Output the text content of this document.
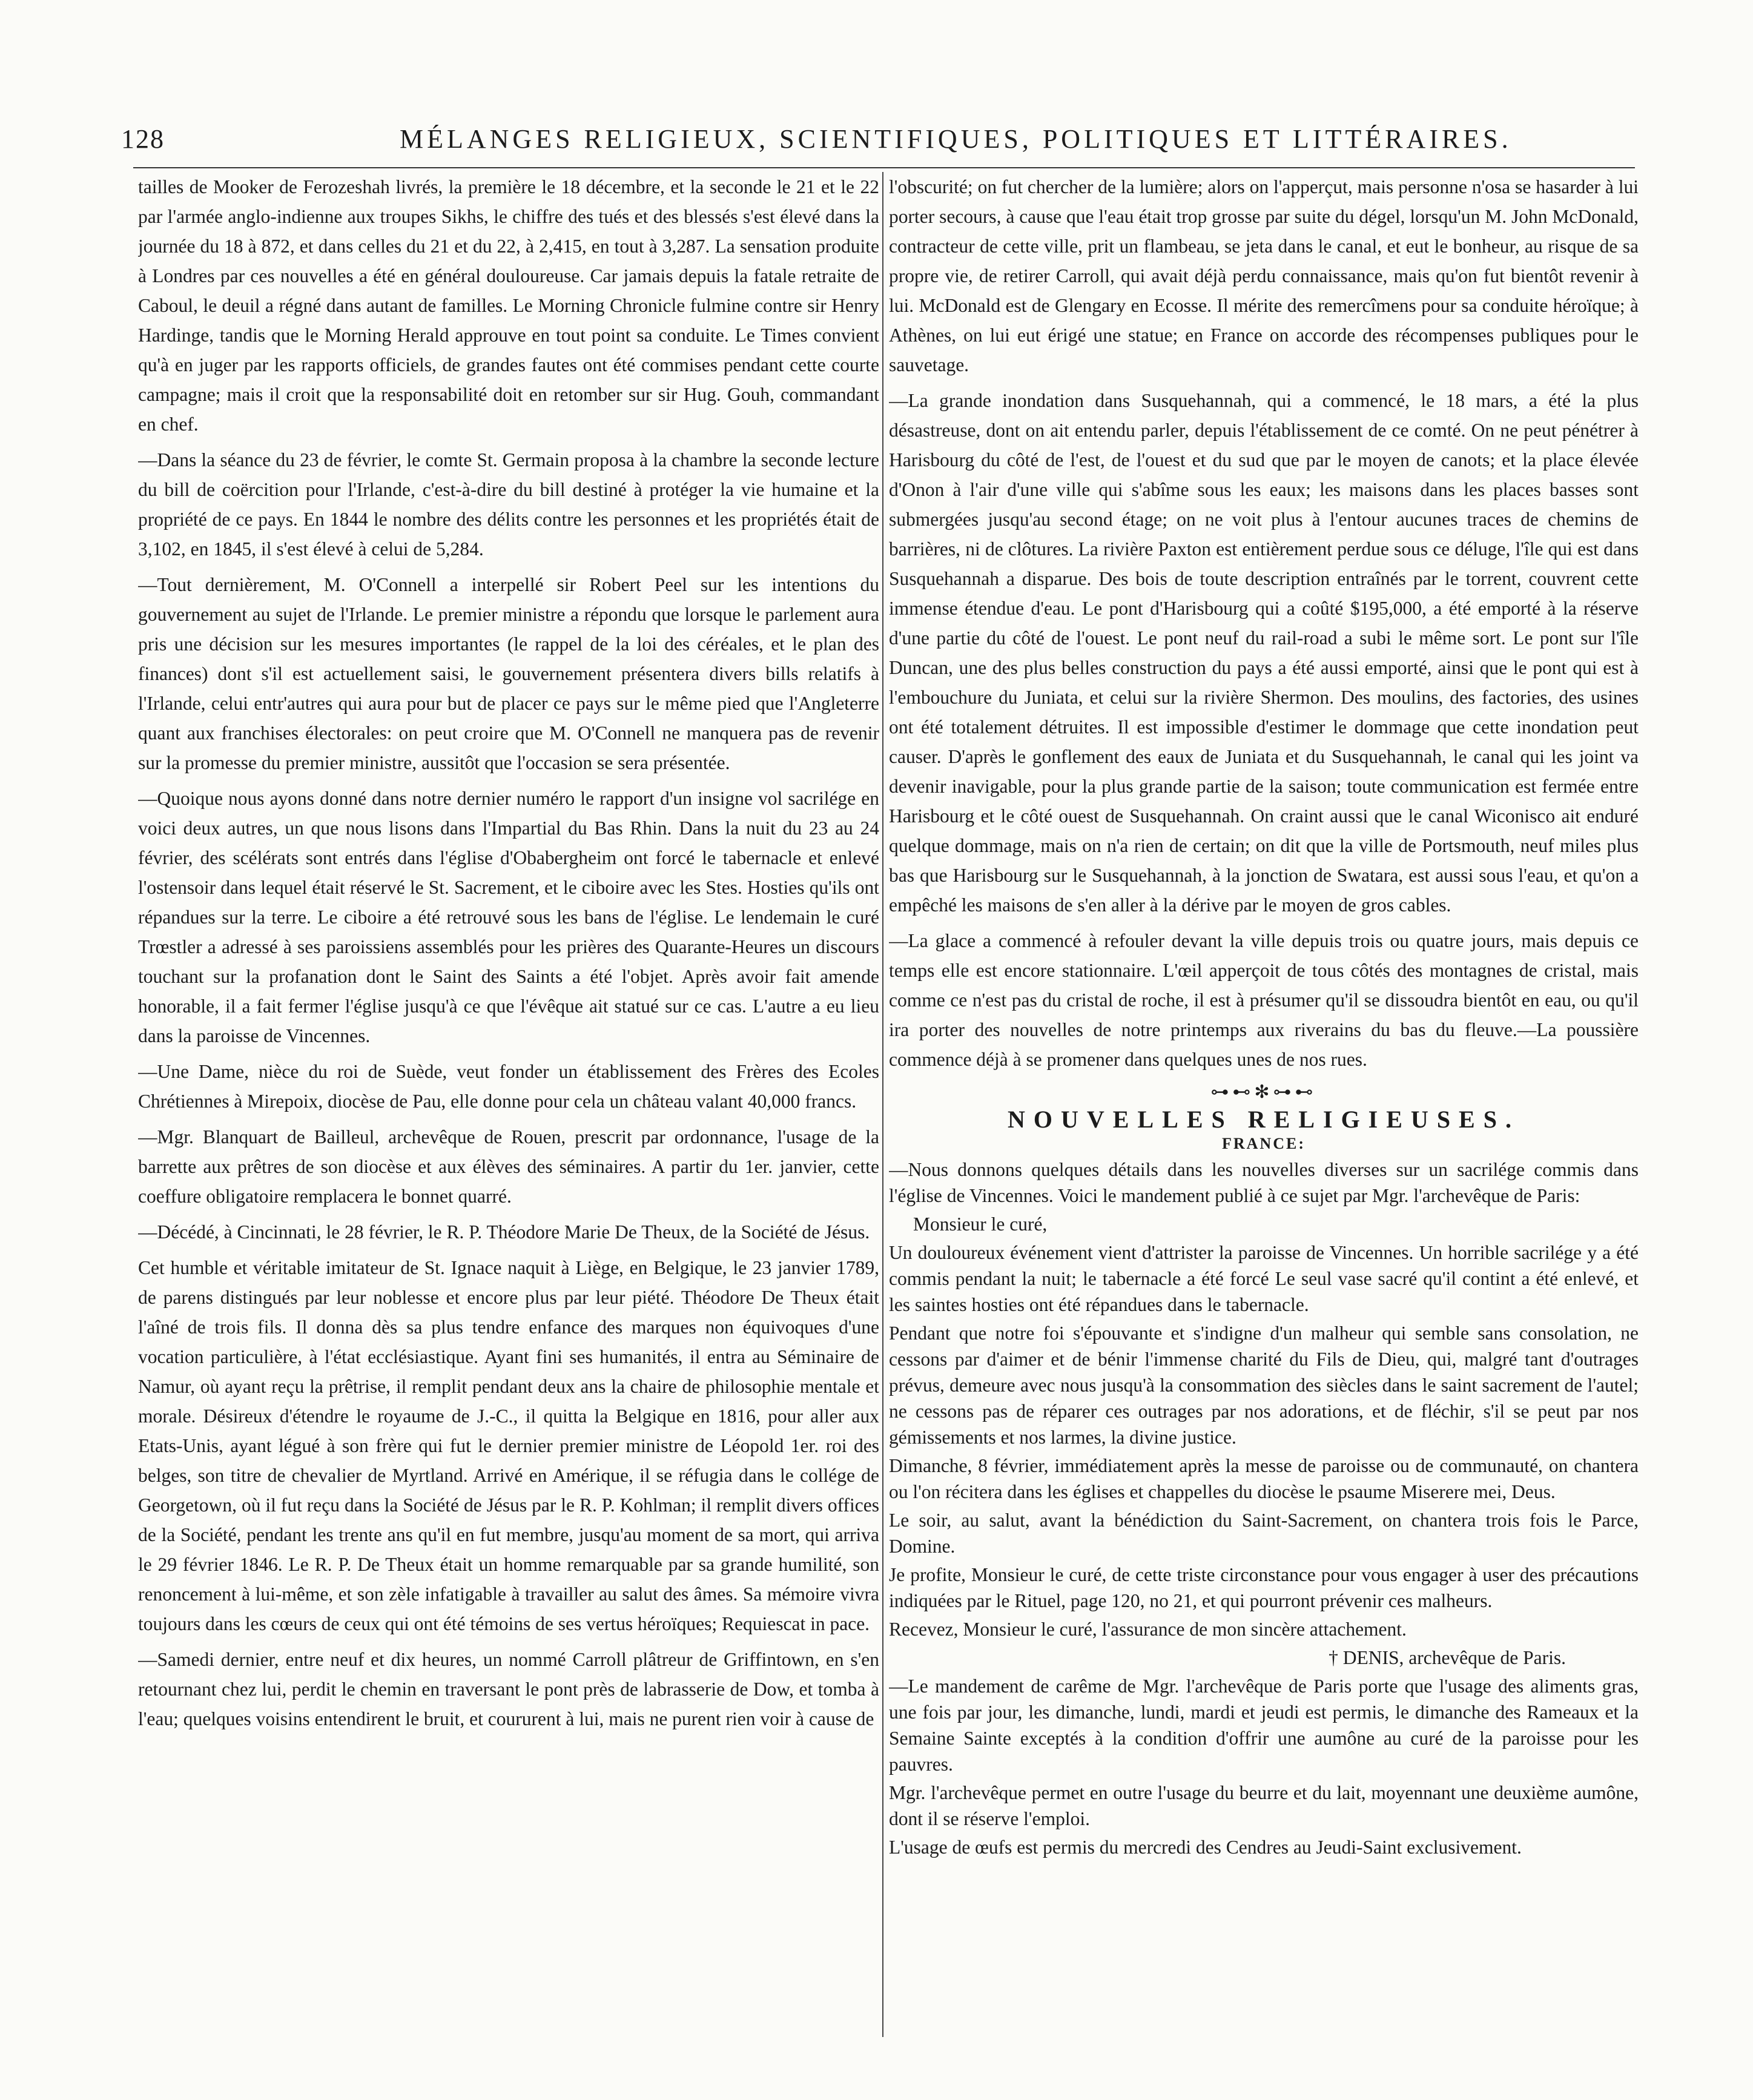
128	MÉLANGES RELIGIEUX, SCIENTIFIQUES, POLITIQUES ET LITTÉRAIRES.

tailles de Mooker de Ferozeshah livrés, la première le 18 décembre, et la seconde le 21 et le 22 par l'armée anglo-indienne aux troupes Sikhs, le chiffre des tués et des blessés s'est élevé dans la journée du 18 à 872, et dans celles du 21 et du 22, à 2,415, en tout à 3,287. La sensation produite à Londres par ces nouvelles a été en général douloureuse. Car jamais depuis la fatale retraite de Caboul, le deuil a régné dans autant de familles. Le Morning Chronicle fulmine contre sir Henry Hardinge, tandis que le Morning Herald approuve en tout point sa conduite. Le Times convient qu'à en juger par les rapports officiels, de grandes fautes ont été commises pendant cette courte campagne; mais il croit que la responsabilité doit en retomber sur sir Hug. Gouh, commandant en chef.

—Dans la séance du 23 de février, le comte St. Germain proposa à la chambre la seconde lecture du bill de coërcition pour l'Irlande, c'est-à-dire du bill destiné à protéger la vie humaine et la propriété de ce pays. En 1844 le nombre des délits contre les personnes et les propriétés était de 3,102, en 1845, il s'est élevé à celui de 5,284.

—Tout dernièrement, M. O'Connell a interpellé sir Robert Peel sur les intentions du gouvernement au sujet de l'Irlande. Le premier ministre a répondu que lorsque le parlement aura pris une décision sur les mesures importantes (le rappel de la loi des céréales, et le plan des finances) dont s'il est actuellement saisi, le gouvernement présentera divers bills relatifs à l'Irlande, celui entr'autres qui aura pour but de placer ce pays sur le même pied que l'Angleterre quant aux franchises électorales: on peut croire que M. O'Connell ne manquera pas de revenir sur la promesse du premier ministre, aussitôt que l'occasion se sera présentée.

—Quoique nous ayons donné dans notre dernier numéro le rapport d'un insigne vol sacrilége en voici deux autres, un que nous lisons dans l'Impartial du Bas Rhin. Dans la nuit du 23 au 24 février, des scélérats sont entrés dans l'église d'Obabergheim ont forcé le tabernacle et enlevé l'ostensoir dans lequel était réservé le St. Sacrement, et le ciboire avec les Stes. Hosties qu'ils ont répandues sur la terre. Le ciboire a été retrouvé sous les bans de l'église. Le lendemain le curé Trœstler a adressé à ses paroissiens assemblés pour les prières des Quarante-Heures un discours touchant sur la profanation dont le Saint des Saints a été l'objet. Après avoir fait amende honorable, il a fait fermer l'église jusqu'à ce que l'évêque ait statué sur ce cas. L'autre a eu lieu dans la paroisse de Vincennes.

—Une Dame, nièce du roi de Suède, veut fonder un établissement des Frères des Ecoles Chrétiennes à Mirepoix, diocèse de Pau, elle donne pour cela un château valant 40,000 francs.

—Mgr. Blanquart de Bailleul, archevêque de Rouen, prescrit par ordonnance, l'usage de la barrette aux prêtres de son diocèse et aux élèves des séminaires. A partir du 1er. janvier, cette coeffure obligatoire remplacera le bonnet quarré.

—Décédé, à Cincinnati, le 28 février, le R. P. Théodore Marie De Theux, de la Société de Jésus.

Cet humble et véritable imitateur de St. Ignace naquit à Liège, en Belgique, le 23 janvier 1789, de parens distingués par leur noblesse et encore plus par leur piété. Théodore De Theux était l'aîné de trois fils. Il donna dès sa plus tendre enfance des marques non équivoques d'une vocation particulière, à l'état ecclésiastique. Ayant fini ses humanités, il entra au Séminaire de Namur, où ayant reçu la prêtrise, il remplit pendant deux ans la chaire de philosophie mentale et morale. Désireux d'étendre le royaume de J.-C., il quitta la Belgique en 1816, pour aller aux Etats-Unis, ayant légué à son frère qui fut le dernier premier ministre de Léopold 1er. roi des belges, son titre de chevalier de Myrtland. Arrivé en Amérique, il se réfugia dans le collége de Georgetown, où il fut reçu dans la Société de Jésus par le R. P. Kohlman; il remplit divers offices de la Société, pendant les trente ans qu'il en fut membre, jusqu'au moment de sa mort, qui arriva le 29 février 1846. Le R. P. De Theux était un homme remarquable par sa grande humilité, son renoncement à lui-même, et son zèle infatigable à travailler au salut des âmes. Sa mémoire vivra toujours dans les cœurs de ceux qui ont été témoins de ses vertus héroïques; Requiescat in pace.

—Samedi dernier, entre neuf et dix heures, un nommé Carroll plâtreur de Griffintown, en s'en retournant chez lui, perdit le chemin en traversant le pont près de labrasserie de Dow, et tomba à l'eau; quelques voisins entendirent le bruit, et coururent à lui, mais ne purent rien voir à cause de

l'obscurité; on fut chercher de la lumière; alors on l'apperçut, mais personne n'osa se hasarder à lui porter secours, à cause que l'eau était trop grosse par suite du dégel, lorsqu'un M. John McDonald, contracteur de cette ville, prit un flambeau, se jeta dans le canal, et eut le bonheur, au risque de sa propre vie, de retirer Carroll, qui avait déjà perdu connaissance, mais qu'on fut bientôt revenir à lui. McDonald est de Glengary en Ecosse. Il mérite des remercîmens pour sa conduite héroïque; à Athènes, on lui eut érigé une statue; en France on accorde des récompenses publiques pour le sauvetage.

—La grande inondation dans Susquehannah, qui a commencé, le 18 mars, a été la plus désastreuse, dont on ait entendu parler, depuis l'établissement de ce comté. On ne peut pénétrer à Harisbourg du côté de l'est, de l'ouest et du sud que par le moyen de canots; et la place élevée d'Onon à l'air d'une ville qui s'abîme sous les eaux; les maisons dans les places basses sont submergées jusqu'au second étage; on ne voit plus à l'entour aucunes traces de chemins de barrières, ni de clôtures. La rivière Paxton est entièrement perdue sous ce déluge, l'île qui est dans Susquehannah a disparue. Des bois de toute description entraînés par le torrent, couvrent cette immense étendue d'eau. Le pont d'Harisbourg qui a coûté $195,000, a été emporté à la réserve d'une partie du côté de l'ouest. Le pont neuf du rail-road a subi le même sort. Le pont sur l'île Duncan, une des plus belles construction du pays a été aussi emporté, ainsi que le pont qui est à l'embouchure du Juniata, et celui sur la rivière Shermon. Des moulins, des factories, des usines ont été totalement détruites. Il est impossible d'estimer le dommage que cette inondation peut causer. D'après le gonflement des eaux de Juniata et du Susquehannah, le canal qui les joint va devenir inavigable, pour la plus grande partie de la saison; toute communication est fermée entre Harisbourg et le côté ouest de Susquehannah. On craint aussi que le canal Wiconisco ait enduré quelque dommage, mais on n'a rien de certain; on dit que la ville de Portsmouth, neuf miles plus bas que Harisbourg sur le Susquehannah, à la jonction de Swatara, est aussi sous l'eau, et qu'on a empêché les maisons de s'en aller à la dérive par le moyen de gros cables.

—La glace a commencé à refouler devant la ville depuis trois ou quatre jours, mais depuis ce temps elle est encore stationnaire. L'œil apperçoit de tous côtés des montagnes de cristal, mais comme ce n'est pas du cristal de roche, il est à présumer qu'il se dissoudra bientôt en eau, ou qu'il ira porter des nouvelles de notre printemps aux riverains du bas du fleuve.—La poussière commence déjà à se promener dans quelques unes de nos rues.

⊶⊷✻⊶⊷
NOUVELLES RELIGIEUSES.
FRANCE:

—Nous donnons quelques détails dans les nouvelles diverses sur un sacrilége commis dans l'église de Vincennes. Voici le mandement publié à ce sujet par Mgr. l'archevêque de Paris:

Monsieur le curé,

Un douloureux événement vient d'attrister la paroisse de Vincennes. Un horrible sacrilége y a été commis pendant la nuit; le tabernacle a été forcé Le seul vase sacré qu'il contint a été enlevé, et les saintes hosties ont été répandues dans le tabernacle.

Pendant que notre foi s'épouvante et s'indigne d'un malheur qui semble sans consolation, ne cessons par d'aimer et de bénir l'immense charité du Fils de Dieu, qui, malgré tant d'outrages prévus, demeure avec nous jusqu'à la consommation des siècles dans le saint sacrement de l'autel; ne cessons pas de réparer ces outrages par nos adorations, et de fléchir, s'il se peut par nos gémissements et nos larmes, la divine justice.

Dimanche, 8 février, immédiatement après la messe de paroisse ou de communauté, on chantera ou l'on récitera dans les églises et chappelles du diocèse le psaume Miserere mei, Deus.

Le soir, au salut, avant la bénédiction du Saint-Sacrement, on chantera trois fois le Parce, Domine.

Je profite, Monsieur le curé, de cette triste circonstance pour vous engager à user des précautions indiquées par le Rituel, page 120, no 21, et qui pourront prévenir ces malheurs.

Recevez, Monsieur le curé, l'assurance de mon sincère attachement.

† DENIS, archevêque de Paris.

—Le mandement de carême de Mgr. l'archevêque de Paris porte que l'usage des aliments gras, une fois par jour, les dimanche, lundi, mardi et jeudi est permis, le dimanche des Rameaux et la Semaine Sainte exceptés à la condition d'offrir une aumône au curé de la paroisse pour les pauvres.

Mgr. l'archevêque permet en outre l'usage du beurre et du lait, moyennant une deuxième aumône, dont il se réserve l'emploi.

L'usage de œufs est permis du mercredi des Cendres au Jeudi-Saint exclusivement.
